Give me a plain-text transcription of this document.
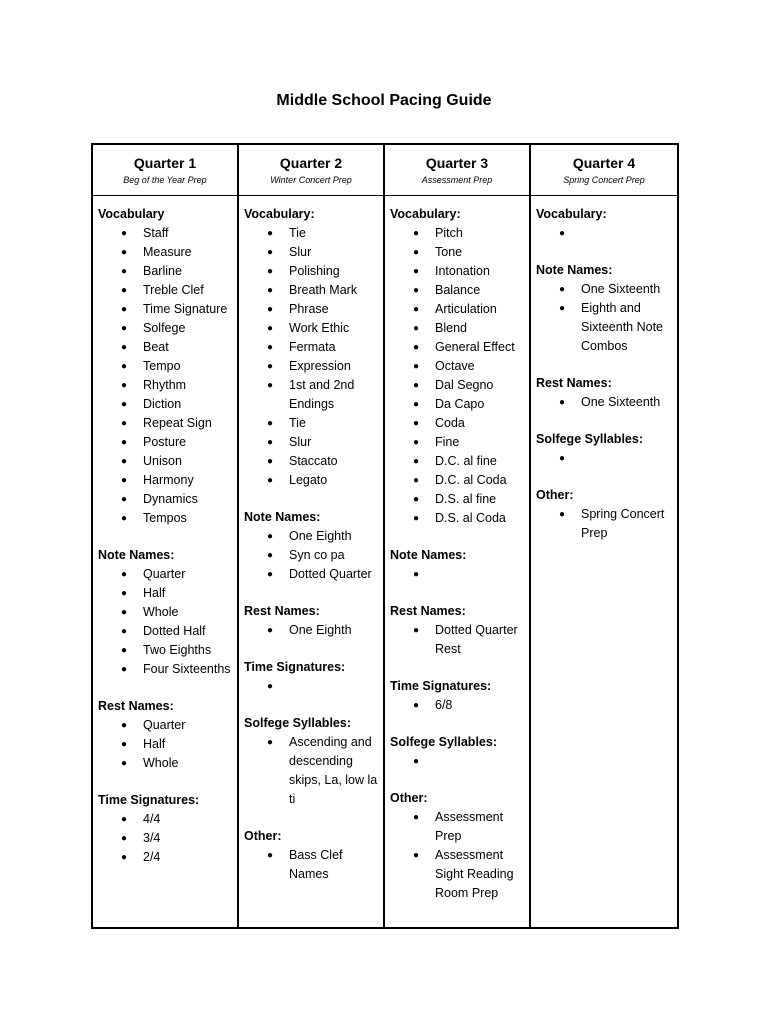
Middle School Pacing Guide
Quarter 1
Beg of the Year Prep
Vocabulary
●	Staff
●	Measure
●	Barline
●	Treble Clef
●	Time Signature
●	Solfege
●	Beat
●	Tempo
●	Rhythm
●	Diction
●	Repeat Sign
●	Posture
●	Unison
●	Harmony
●	Dynamics
●	Tempos
Note Names:
●	Quarter
●	Half
●	Whole
●	Dotted Half
●	Two Eighths
●	Four Sixteenths
Rest Names:
●	Quarter
●	Half
●	Whole
Time Signatures:
●	4/4
●	3/4
●	2/4
Quarter 2
Winter Concert Prep
Vocabulary:
●	Tie
●	Slur
●	Polishing
●	Breath Mark
●	Phrase
●	Work Ethic
●	Fermata
●	Expression
●	1st and 2nd Endings
●	Tie
●	Slur
●	Staccato
●	Legato
Note Names:
●	One Eighth
●	Syn co pa
●	Dotted Quarter
Rest Names:
●	One Eighth
Time Signatures:
●
Solfege Syllables:
●	Ascending and descending skips, La, low la ti
Other:
●	Bass Clef Names
Quarter 3
Assessment Prep
Vocabulary:
●	Pitch
●	Tone
●	Intonation
●	Balance
●	Articulation
●	Blend
●	General Effect
●	Octave
●	Dal Segno
●	Da Capo
●	Coda
●	Fine
●	D.C. al fine
●	D.C. al Coda
●	D.S. al fine
●	D.S. al Coda
Note Names:
●
Rest Names:
●	Dotted Quarter Rest
Time Signatures:
●	6/8
Solfege Syllables:
●
Other:
●	Assessment Prep
●	Assessment Sight Reading Room Prep
Quarter 4
Spring Concert Prep
Vocabulary:
●
Note Names:
●	One Sixteenth
●	Eighth and Sixteenth Note Combos
Rest Names:
●	One Sixteenth
Solfege Syllables:
●
Other:
●	Spring Concert Prep
